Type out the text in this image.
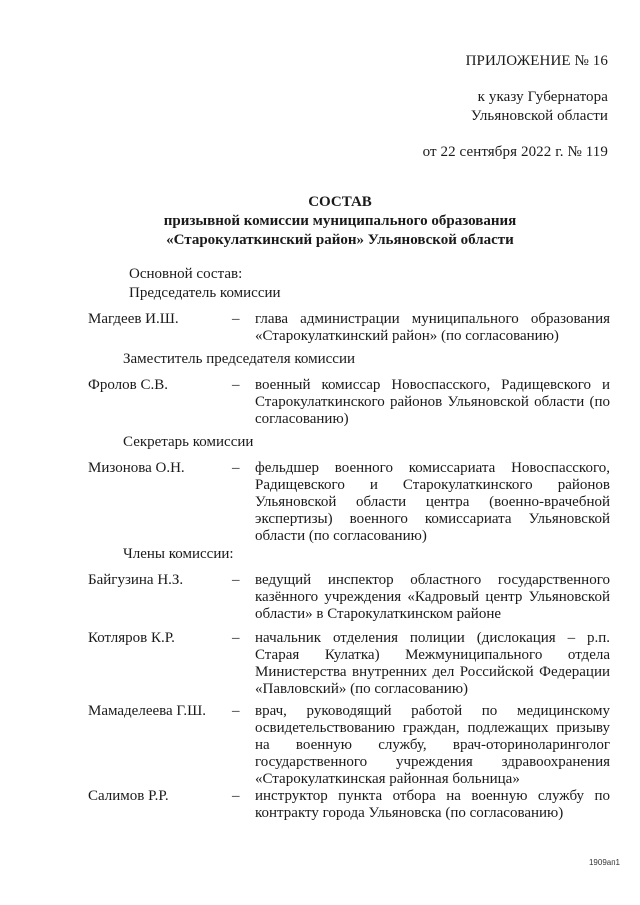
ПРИЛОЖЕНИЕ № 16
к указу Губернатора
Ульяновской области
от 22 сентября 2022 г. № 119
СОСТАВ
призывной комиссии муниципального образования
«Старокулаткинский район» Ульяновской области
Основной состав:
Председатель комиссии
Магдеев И.Ш.	– глава администрации муниципального образования «Старокулаткинский район» (по согласованию)
Заместитель председателя комиссии
Фролов С.В.	– военный комиссар Новоспасского, Радищевского и Старокулаткинского районов Ульяновской области (по согласованию)
Секретарь комиссии
Мизонова О.Н.	– фельдшер военного комиссариата Новоспасского, Радищевского и Старокулаткинского районов Ульяновской области центра (военно-врачебной экспертизы) военного комиссариата Ульяновской области (по согласованию)
Члены комиссии:
Байгузина Н.З.	– ведущий инспектор областного государственного казённого учреждения «Кадровый центр Ульяновской области» в Старокулаткинском районе
Котляров К.Р.	– начальник отделения полиции (дислокация – р.п. Старая Кулатка) Межмуниципального отдела Министерства внутренних дел Российской Федерации «Павловский» (по согласованию)
Мамаделеева Г.Ш. – врач, руководящий работой по медицинскому освидетельствованию граждан, подлежащих призыву на военную службу, врач-оториноларинголог государственного учреждения здравоохранения «Старокулаткинская районная больница»
Салимов Р.Р.	– инструктор пункта отбора на военную службу по контракту города Ульяновска (по согласованию)
1909ап1
